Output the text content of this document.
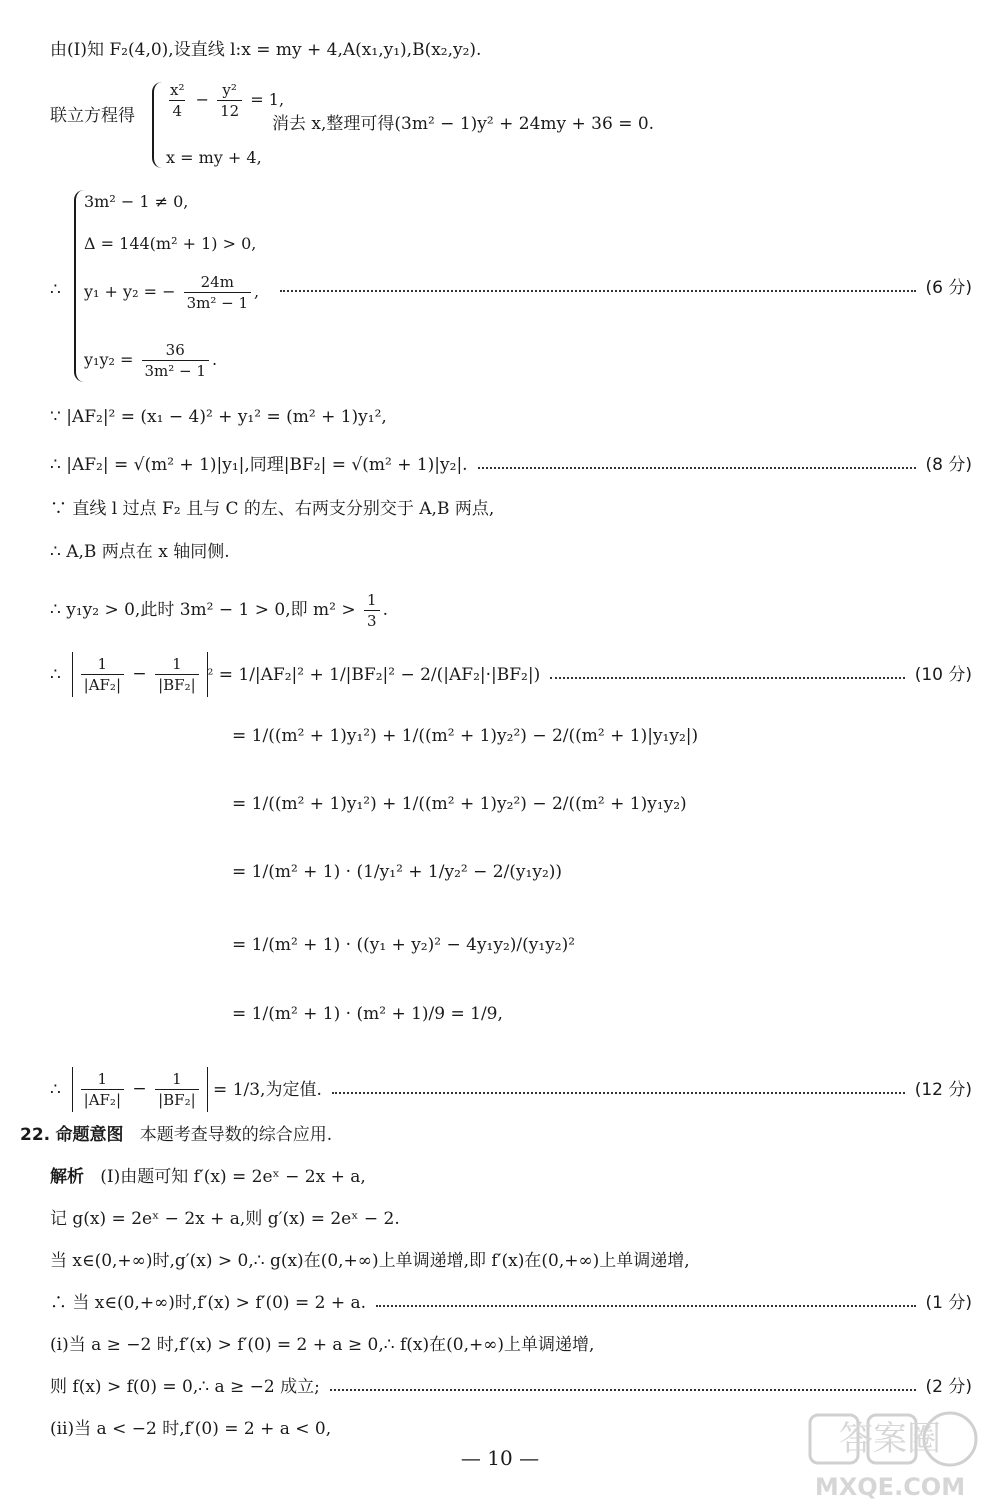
由(Ⅰ)知 F₂(4,0),设直线 l:x = my + 4,A(x₁,y₁),B(x₂,y₂).
联立方程得 $\frac{\text{x²}}{4} - \frac{\text{y²}}{12} = 1$,
x = my + 4,
消去 x,整理可得(3m² − 1)y² + 24my + 36 = 0.
∴
3m² − 1 ≠ 0,
Δ = 144(m² + 1) > 0,
y₁ + y₂ = − $\frac{24m}{\text{3m² − 1}}$ ,	(6 分)
$y_1y_2 = \frac{36}{\text{3m² − 1}}$ .
∵ |AF₂|² = (x₁ − 4)² + y₁² = (m² + 1)y₁²,
∴ |AF₂| = √(m² + 1)|y₁|,同理|BF₂| = √(m² + 1)|y₂|.	(8 分)
∵ 直线 l 过点 F₂ 且与 C 的左、右两支分别交于 A,B 两点,
∴ A,B 两点在 x 轴同侧.
∴ y₁y₂ > 0,此时 3m² − 1 > 0,即 $m^2 > \frac{1}{3}$ .
∴
$\frac{1}{\text{|AF₂|}} - \frac{1}{\text{|BF₂|}} ^2$
= 1/|AF₂|² + 1/|BF₂|² − 2/(|AF₂|·|BF₂|)	(10 分)
= 1/((m² + 1)y₁²) + 1/((m² + 1)y₂²) − 2/((m² + 1)|y₁y₂|)
= 1/((m² + 1)y₁²) + 1/((m² + 1)y₂²) − 2/((m² + 1)y₁y₂)
= 1/(m² + 1) · (1/y₁² + 1/y₂² − 2/(y₁y₂))
= 1/(m² + 1) · ((y₁ + y₂)² − 4y₁y₂)/(y₁y₂)²
= 1/(m² + 1) · (m² + 1)/9 = 1/9,
∴
$\frac{1}{\text{|AF₂|}} - \frac{1}{\text{|BF₂|}}$
= 1/3,为定值.	(12 分)
22. 命题意图 本题考查导数的综合应用.
解析 (Ⅰ)由题可知 f′(x) = 2eˣ − 2x + a,
记 g(x) = 2eˣ − 2x + a,则 g′(x) = 2eˣ − 2.
当 x∈(0,+∞)时,g′(x) > 0,∴ g(x)在(0,+∞)上单调递增,即 f′(x)在(0,+∞)上单调递增,
∴ 当 x∈(0,+∞)时,f′(x) > f′(0) = 2 + a.	(1 分)
(ⅰ)当 a ≥ −2 时,f′(x) > f′(0) = 2 + a ≥ 0,∴ f(x)在(0,+∞)上单调递增,
则 f(x) > f(0) = 0,∴ a ≥ −2 成立;	(2 分)
(ⅱ)当 a < −2 时,f′(0) = 2 + a < 0,
— 10 —	答案圈
MXQE.COM
